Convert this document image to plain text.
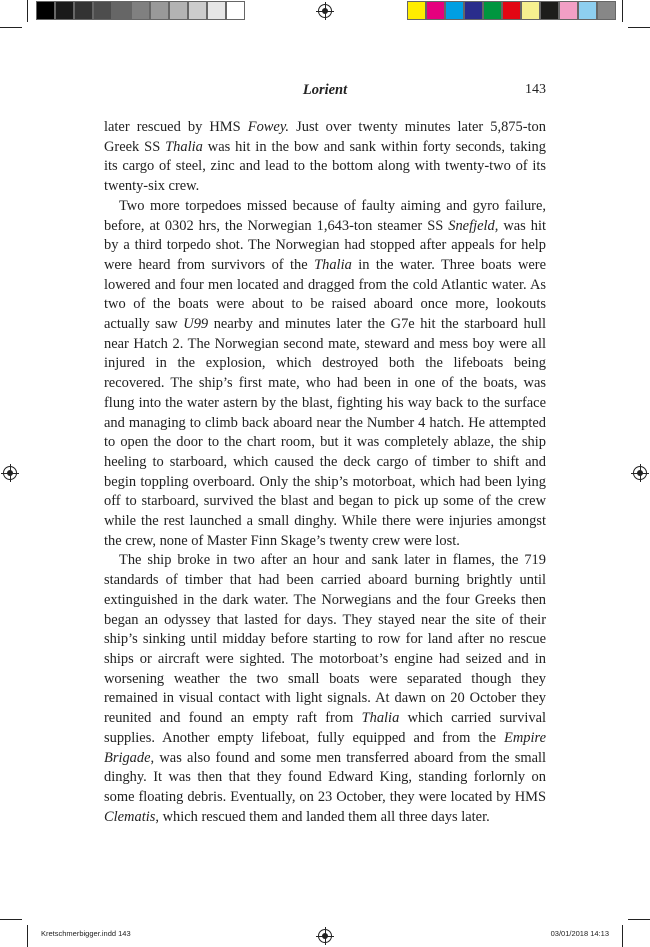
Lorient	143

later rescued by HMS Fowey. Just over twenty minutes later 5,875-ton Greek SS Thalia was hit in the bow and sank within forty seconds, taking its cargo of steel, zinc and lead to the bottom along with twenty-two of its twenty-six crew.

Two more torpedoes missed because of faulty aiming and gyro failure, before, at 0302 hrs, the Norwegian 1,643-ton steamer SS Snefjeld, was hit by a third torpedo shot. The Norwegian had stopped after appeals for help were heard from survivors of the Thalia in the water. Three boats were lowered and four men located and dragged from the cold Atlantic water. As two of the boats were about to be raised aboard once more, lookouts actually saw U99 nearby and minutes later the G7e hit the starboard hull near Hatch 2. The Norwegian second mate, steward and mess boy were all injured in the explosion, which destroyed both the lifeboats being recovered. The ship’s first mate, who had been in one of the boats, was flung into the water astern by the blast, fighting his way back to the surface and managing to climb back aboard near the Number 4 hatch. He attempted to open the door to the chart room, but it was completely ablaze, the ship heeling to starboard, which caused the deck cargo of timber to shift and begin toppling overboard. Only the ship’s motorboat, which had been lying off to starboard, survived the blast and began to pick up some of the crew while the rest launched a small dinghy. While there were injuries amongst the crew, none of Master Finn Skage’s twenty crew were lost.

The ship broke in two after an hour and sank later in flames, the 719 standards of timber that had been carried aboard burning brightly until extinguished in the dark water. The Norwegians and the four Greeks then began an odyssey that lasted for days. They stayed near the site of their ship’s sinking until midday before starting to row for land after no rescue ships or aircraft were sighted. The motorboat’s engine had seized and in worsening weather the two small boats were separated though they remained in visual contact with light signals. At dawn on 20 October they reunited and found an empty raft from Thalia which carried survival supplies. Another empty lifeboat, fully equipped and from the Empire Brigade, was also found and some men transferred aboard from the small dinghy. It was then that they found Edward King, standing forlornly on some floating debris. Eventually, on 23 October, they were located by HMS Clematis, which rescued them and landed them all three days later.

Kretschmerbigger.indd 143	03/01/2018 14:13
